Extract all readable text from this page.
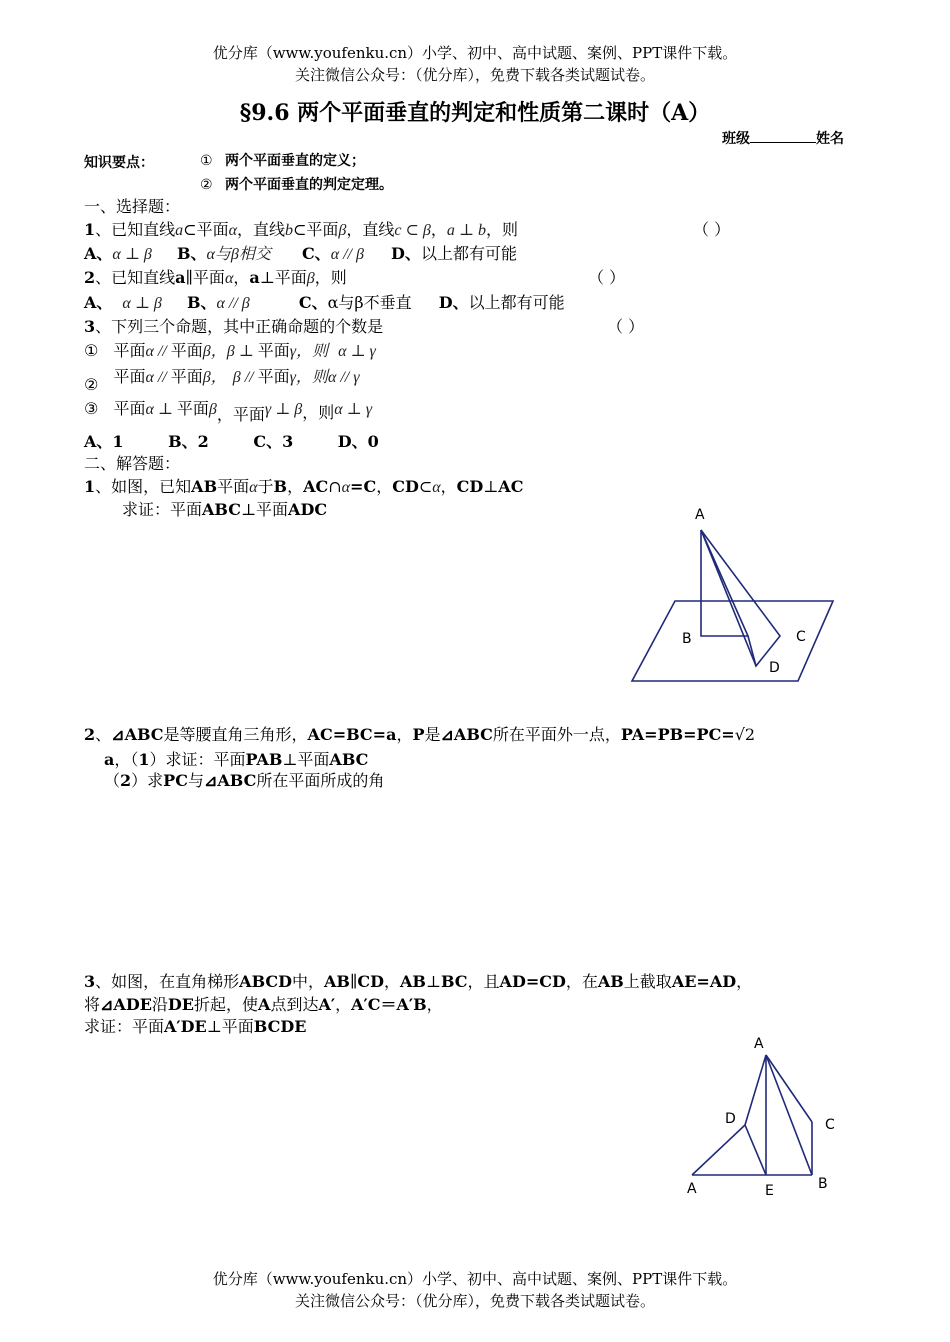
优分库（www.youfenku.cn）小学、初中、高中试题、案例、PPT课件下载。
关注微信公众号：（优分库），免费下载各类试题试卷。
§9.6 两个平面垂直的判定和性质第二课时（A）
班级	姓名
知识要点：	① 两个平面垂直的定义；
② 两个平面垂直的判定定理。
一、选择题：
1、已知直线a⊂平面α，直线b⊂平面β，直线c ⊂ β，a ⊥ b，则	（ ）
A、α ⊥ β B、α与β相交 C、α // β D、以上都有可能
2、已知直线a∥平面α，a⊥平面β，则	（ ）
A、 α ⊥ β B、α // β	C、α与β不垂直 D、以上都有可能
3、下列三个命题，其中正确命题的个数是	（ ）
① 平面α // 平面β，β ⊥ 平面γ，则 α ⊥ γ
② 平面α // 平面β， β // 平面γ，则α // γ
③ 平面α ⊥ 平面β，平面γ ⊥ β，则α ⊥ γ
A、1        B、2        C、3        D、0
二、解答题：
1、如图，已知AB平面α于B，AC∩α=C，CD⊂α，CD⊥AC
求证：平面ABC⊥平面ADC	A
B	C
D
2、⊿ABC是等腰直角三角形，AC=BC=a，P是⊿ABC所在平面外一点，PA=PB=PC=√2
a，（1）求证：平面PAB⊥平面ABC
（2）求PC与⊿ABC所在平面所成的角
3、如图，在直角梯形ABCD中，AB∥CD，AB⊥BC，且AD=CD，在AB上截取AE=AD，
将⊿ADE沿DE折起，使A点到达A′，A′C＝A′B，
求证：平面A′DE⊥平面BCDE
A
D	C
A	E	B
优分库（www.youfenku.cn）小学、初中、高中试题、案例、PPT课件下载。
关注微信公众号：（优分库），免费下载各类试题试卷。
